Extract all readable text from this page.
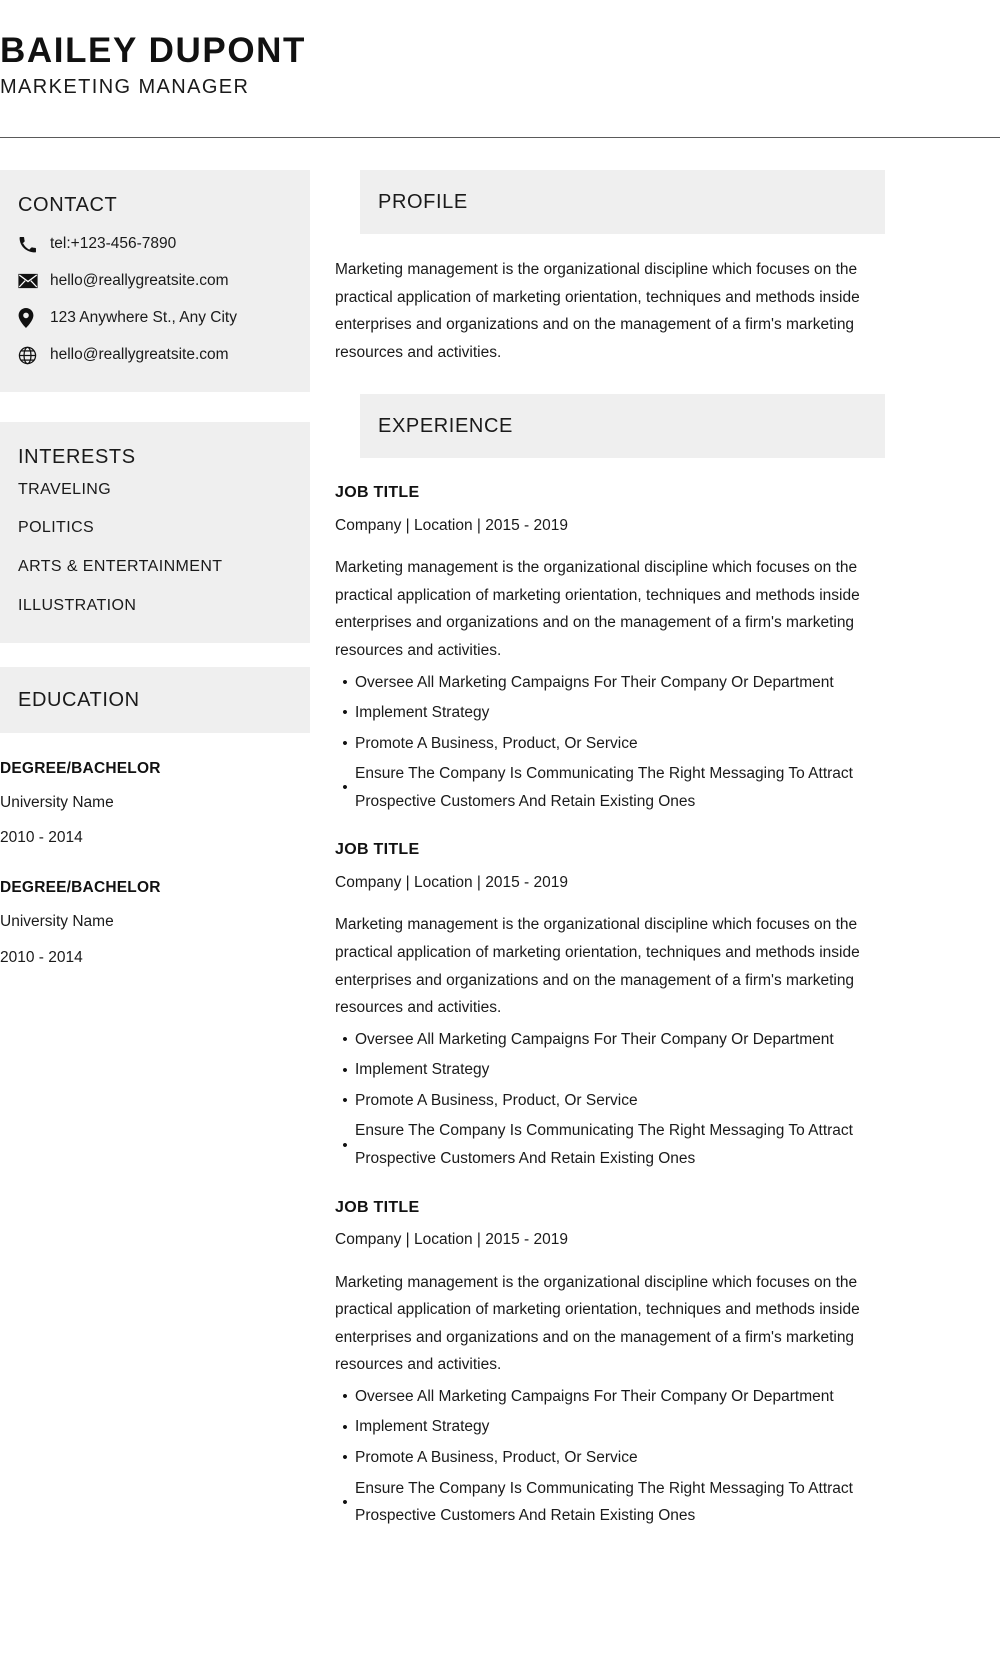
BAILEY DUPONT
MARKETING MANAGER
CONTACT
tel:+123-456-7890
hello@reallygreatsite.com
123 Anywhere St., Any City
hello@reallygreatsite.com
INTERESTS
TRAVELING
POLITICS
ARTS & ENTERTAINMENT
ILLUSTRATION
EDUCATION
DEGREE/BACHELOR
University Name
2010 - 2014
DEGREE/BACHELOR
University Name
2010 - 2014
PROFILE
Marketing management is the organizational discipline which focuses on the practical application of marketing orientation, techniques and methods inside enterprises and organizations and on the management of a firm's marketing resources and activities.
EXPERIENCE
JOB TITLE
Company | Location | 2015 - 2019
Marketing management is the organizational discipline which focuses on the practical application of marketing orientation, techniques and methods inside enterprises and organizations and on the management of a firm's marketing resources and activities.
• Oversee All Marketing Campaigns For Their Company Or Department
• Implement Strategy
• Promote A Business, Product, Or Service
•
Ensure The Company Is Communicating The Right Messaging To Attract Prospective Customers And Retain Existing Ones
JOB TITLE
Company | Location | 2015 - 2019
Marketing management is the organizational discipline which focuses on the practical application of marketing orientation, techniques and methods inside enterprises and organizations and on the management of a firm's marketing resources and activities.
• Oversee All Marketing Campaigns For Their Company Or Department
• Implement Strategy
• Promote A Business, Product, Or Service
•
Ensure The Company Is Communicating The Right Messaging To Attract Prospective Customers And Retain Existing Ones
JOB TITLE
Company | Location | 2015 - 2019
Marketing management is the organizational discipline which focuses on the practical application of marketing orientation, techniques and methods inside enterprises and organizations and on the management of a firm's marketing resources and activities.
• Oversee All Marketing Campaigns For Their Company Or Department
• Implement Strategy
• Promote A Business, Product, Or Service
•
Ensure The Company Is Communicating The Right Messaging To Attract Prospective Customers And Retain Existing Ones
